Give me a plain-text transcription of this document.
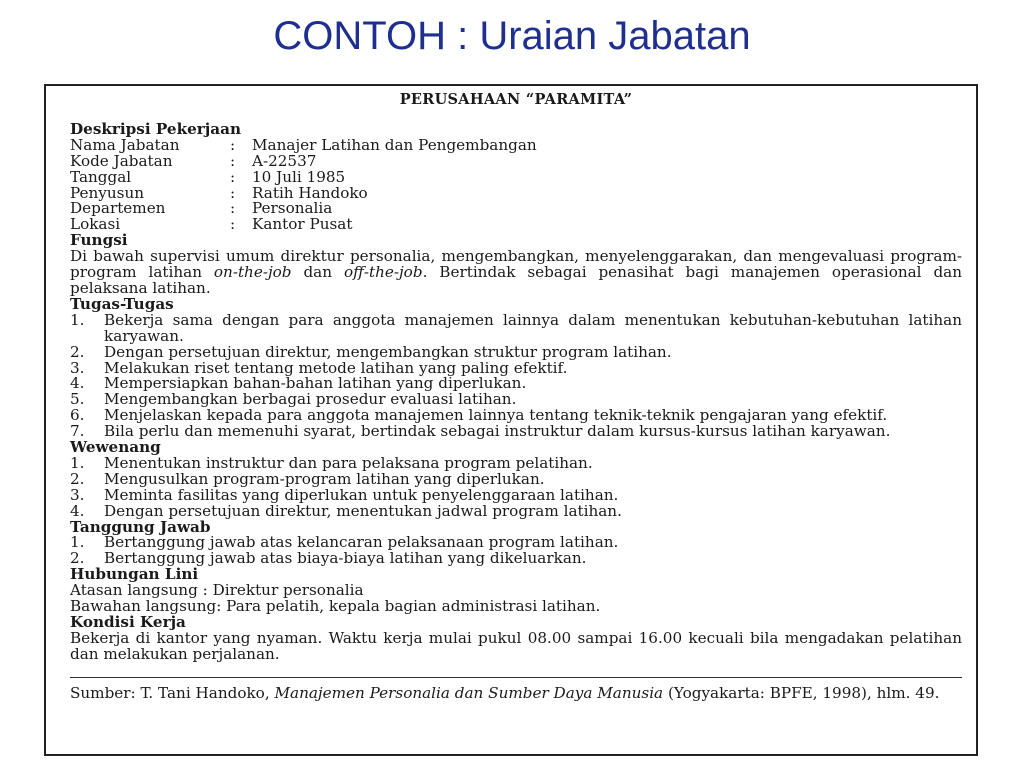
CONTOH : Uraian Jabatan
PERUSAHAAN “PARAMITA”
Deskripsi Pekerjaan
Nama Jabatan	:	Manajer Latihan dan Pengembangan
Kode Jabatan	:	A-22537
Tanggal	:	10 Juli 1985
Penyusun	:	Ratih Handoko
Departemen	:	Personalia
Lokasi	:	Kantor Pusat
Fungsi
Di bawah supervisi umum direktur personalia, mengembangkan, menyelenggarakan, dan mengevaluasi program-program latihan on-the-job dan off-the-job. Bertindak sebagai penasihat bagi manajemen operasional dan pelaksana latihan.
Tugas-Tugas
1.	Bekerja sama dengan para anggota manajemen lainnya dalam menentukan kebutuhan-kebutuhan latihan karyawan.
2.	Dengan persetujuan direktur, mengembangkan struktur program latihan.
3.	Melakukan riset tentang metode latihan yang paling efektif.
4.	Mempersiapkan bahan-bahan latihan yang diperlukan.
5.	Mengembangkan berbagai prosedur evaluasi latihan.
6.	Menjelaskan kepada para anggota manajemen lainnya tentang teknik-teknik pengajaran yang efektif.
7.	Bila perlu dan memenuhi syarat, bertindak sebagai instruktur dalam kursus-kursus latihan karyawan.
Wewenang
1.	Menentukan instruktur dan para pelaksana program pelatihan.
2.	Mengusulkan program-program latihan yang diperlukan.
3.	Meminta fasilitas yang diperlukan untuk penyelenggaraan latihan.
4.	Dengan persetujuan direktur, menentukan jadwal program latihan.
Tanggung Jawab
1.	Bertanggung jawab atas kelancaran pelaksanaan program latihan.
2.	Bertanggung jawab atas biaya-biaya latihan yang dikeluarkan.
Hubungan Lini
Atasan langsung : Direktur personalia
Bawahan langsung: Para pelatih, kepala bagian administrasi latihan.
Kondisi Kerja
Bekerja di kantor yang nyaman. Waktu kerja mulai pukul 08.00 sampai 16.00 kecuali bila mengadakan pelatihan dan melakukan perjalanan.
Sumber: T. Tani Handoko, Manajemen Personalia dan Sumber Daya Manusia (Yogyakarta: BPFE, 1998), hlm. 49.
